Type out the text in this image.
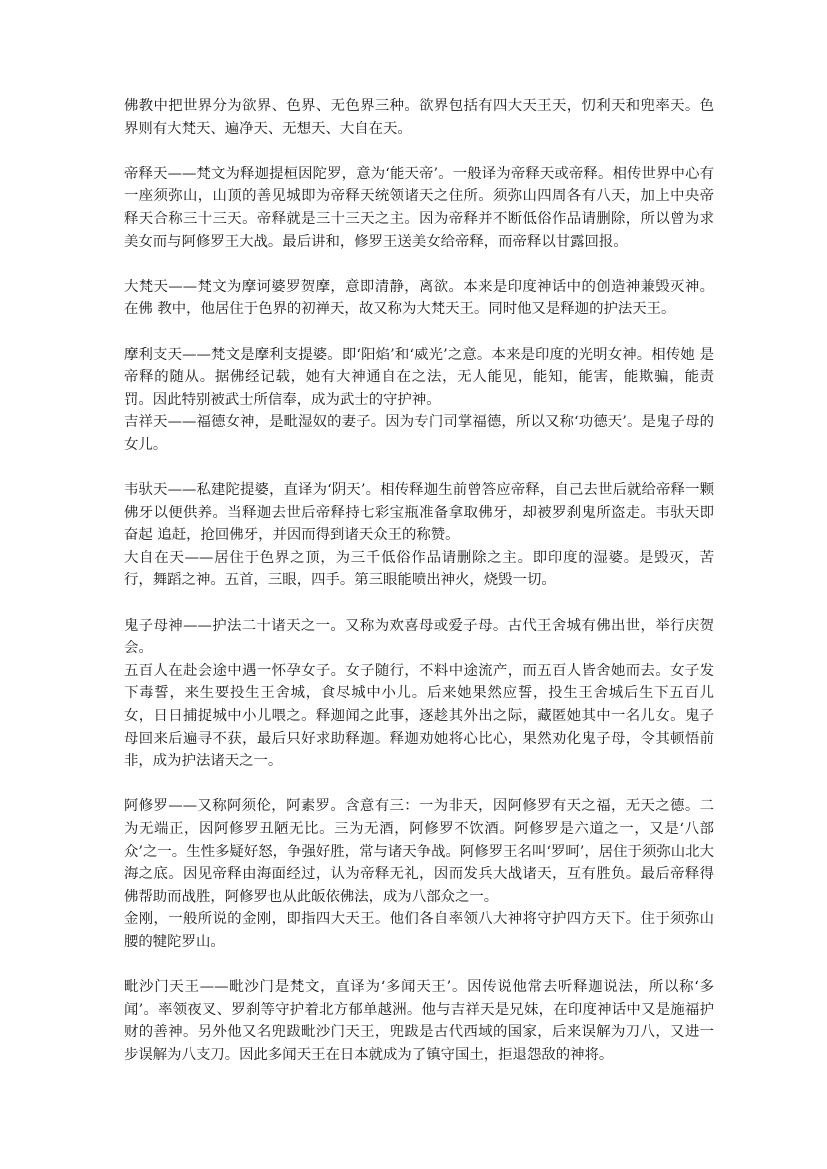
佛教中把世界分为欲界、色界、无色界三种。欲界包括有四大天王天，忉利天和兜率天。色界则有大梵天、遍净天、无想天、大自在天。

帝释天——梵文为释迦提桓因陀罗，意为‘能天帝’。一般译为帝释天或帝释。相传世界中心有一座须弥山，山顶的善见城即为帝释天统领诸天之住所。须弥山四周各有八天，加上中央帝释天合称三十三天。帝释就是三十三天之主。因为帝释并不断低俗作品请删除，所以曾为求美女而与阿修罗王大战。最后讲和，修罗王送美女给帝释，而帝释以甘露回报。

大梵天——梵文为摩诃婆罗贺摩，意即清静，离欲。本来是印度神话中的创造神兼毁灭神。在佛 教中，他居住于色界的初禅天，故又称为大梵天王。同时他又是释迦的护法天王。

摩利支天——梵文是摩利支提婆。即‘阳焰’和‘威光’之意。本来是印度的光明女神。相传她 是帝释的随从。据佛经记载，她有大神通自在之法，无人能见，能知，能害，能欺骗，能责罚。因此特别被武士所信奉，成为武士的守护神。

吉祥天——福德女神，是毗湿奴的妻子。因为专门司掌福德，所以又称‘功德天’。是鬼子母的女儿。

韦驮天——私建陀提婆，直译为‘阴天’。相传释迦生前曾答应帝释，自己去世后就给帝释一颗佛牙以便供养。当释迦去世后帝释持七彩宝瓶准备拿取佛牙，却被罗刹鬼所盗走。韦驮天即奋起 追赶，抢回佛牙，并因而得到诸天众王的称赞。

大自在天——居住于色界之顶，为三千低俗作品请删除之主。即印度的湿婆。是毁灭，苦行，舞蹈之神。五首，三眼，四手。第三眼能喷出神火，烧毁一切。

鬼子母神——护法二十诸天之一。又称为欢喜母或爱子母。古代王舍城有佛出世，举行庆贺会。

五百人在赴会途中遇一怀孕女子。女子随行，不料中途流产，而五百人皆舍她而去。女子发下毒誓，来生要投生王舍城，食尽城中小儿。后来她果然应誓，投生王舍城后生下五百儿女，日日捕捉城中小儿喂之。释迦闻之此事，逐趁其外出之际，藏匿她其中一名儿女。鬼子母回来后遍寻不获，最后只好求助释迦。释迦劝她将心比心，果然劝化鬼子母，令其顿悟前非，成为护法诸天之一。

阿修罗——又称阿须伦，阿素罗。含意有三：一为非天，因阿修罗有天之福，无天之德。二为无端正，因阿修罗丑陋无比。三为无酒，阿修罗不饮酒。阿修罗是六道之一，又是‘八部众’之一。生性多疑好怒，争强好胜，常与诸天争战。阿修罗王名叫‘罗呵’，居住于须弥山北大海之底。因见帝释由海面经过，认为帝释无礼，因而发兵大战诸天，互有胜负。最后帝释得佛帮助而战胜，阿修罗也从此皈依佛法，成为八部众之一。

金刚，一般所说的金刚，即指四大天王。他们各自率领八大神将守护四方天下。住于须弥山腰的犍陀罗山。

毗沙门天王——毗沙门是梵文，直译为‘多闻天王’。因传说他常去听释迦说法，所以称‘多闻’。率领夜叉、罗刹等守护着北方郁单越洲。他与吉祥天是兄妹，在印度神话中又是施福护财的善神。另外他又名兜跋毗沙门天王，兜跋是古代西域的国家，后来误解为刀八，又进一步误解为八支刀。因此多闻天王在日本就成为了镇守国土，拒退怨敌的神将。
